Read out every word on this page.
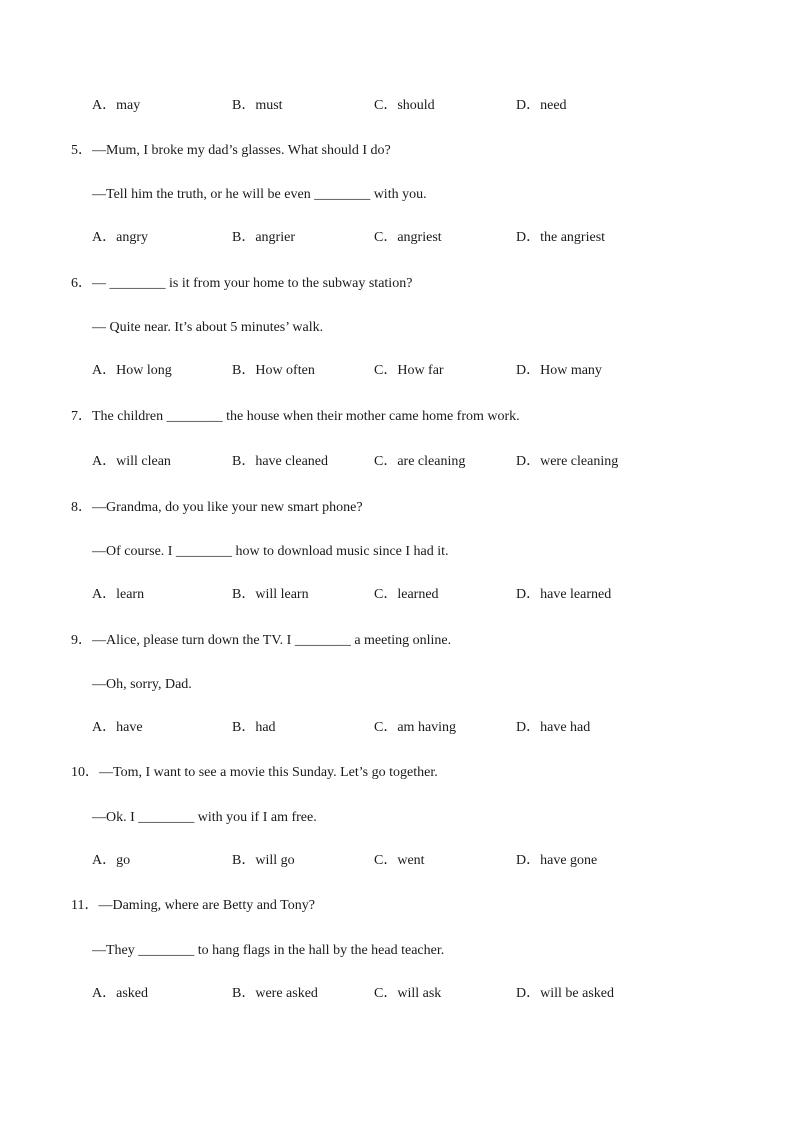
A．may	B．must	C．should	D．need
5．—Mum, I broke my dad’s glasses. What should I do?
—Tell him the truth, or he will be even ________ with you.
A．angry	B．angrier	C．angriest	D．the angriest
6．— ________ is it from your home to the subway station?
— Quite near. It’s about 5 minutes’ walk.
A．How long	B．How often	C．How far	D．How many
7．The children ________ the house when their mother came home from work.
A．will clean	B．have cleaned	C．are cleaning	D．were cleaning
8．—Grandma, do you like your new smart phone?
—Of course. I ________ how to download music since I had it.
A．learn	B．will learn	C．learned	D．have learned
9．—Alice, please turn down the TV. I ________ a meeting online.
—Oh, sorry, Dad.
A．have	B．had	C．am having	D．have had
10．—Tom, I want to see a movie this Sunday. Let’s go together.
—Ok. I ________ with you if I am free.
A．go	B．will go	C．went	D．have gone
11．—Daming, where are Betty and Tony?
—They ________ to hang flags in the hall by the head teacher.
A．asked	B．were asked	C．will ask	D．will be asked
